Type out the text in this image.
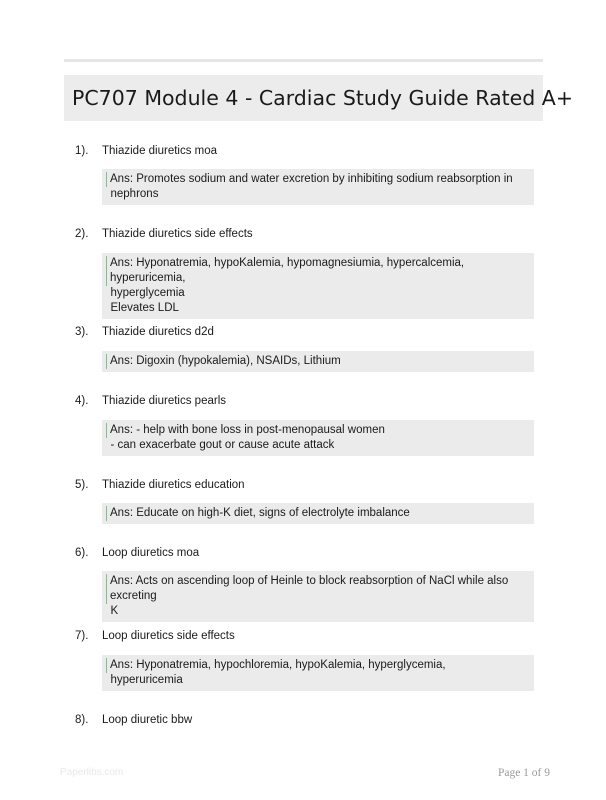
PC707 Module 4 - Cardiac Study Guide Rated A+
1). Thiazide diuretics moa
Ans: Promotes sodium and water excretion by inhibiting sodium reabsorption in
nephrons
2). Thiazide diuretics side effects
Ans: Hyponatremia, hypoKalemia, hypomagnesiumia, hypercalcemia, hyperuricemia,
hyperglycemia
Elevates LDL
3). Thiazide diuretics d2d
Ans: Digoxin (hypokalemia), NSAIDs, Lithium
4). Thiazide diuretics pearls
Ans: - help with bone loss in post-menopausal women
- can exacerbate gout or cause acute attack
5). Thiazide diuretics education
Ans: Educate on high-K diet, signs of electrolyte imbalance
6). Loop diuretics moa
Ans: Acts on ascending loop of Heinle to block reabsorption of NaCl while also excreting
K
7). Loop diuretics side effects
Ans: Hyponatremia, hypochloremia, hypoKalemia, hyperglycemia,
hyperuricemia
8). Loop diuretic bbw
Paperlibs.com	Page 1 of 9
